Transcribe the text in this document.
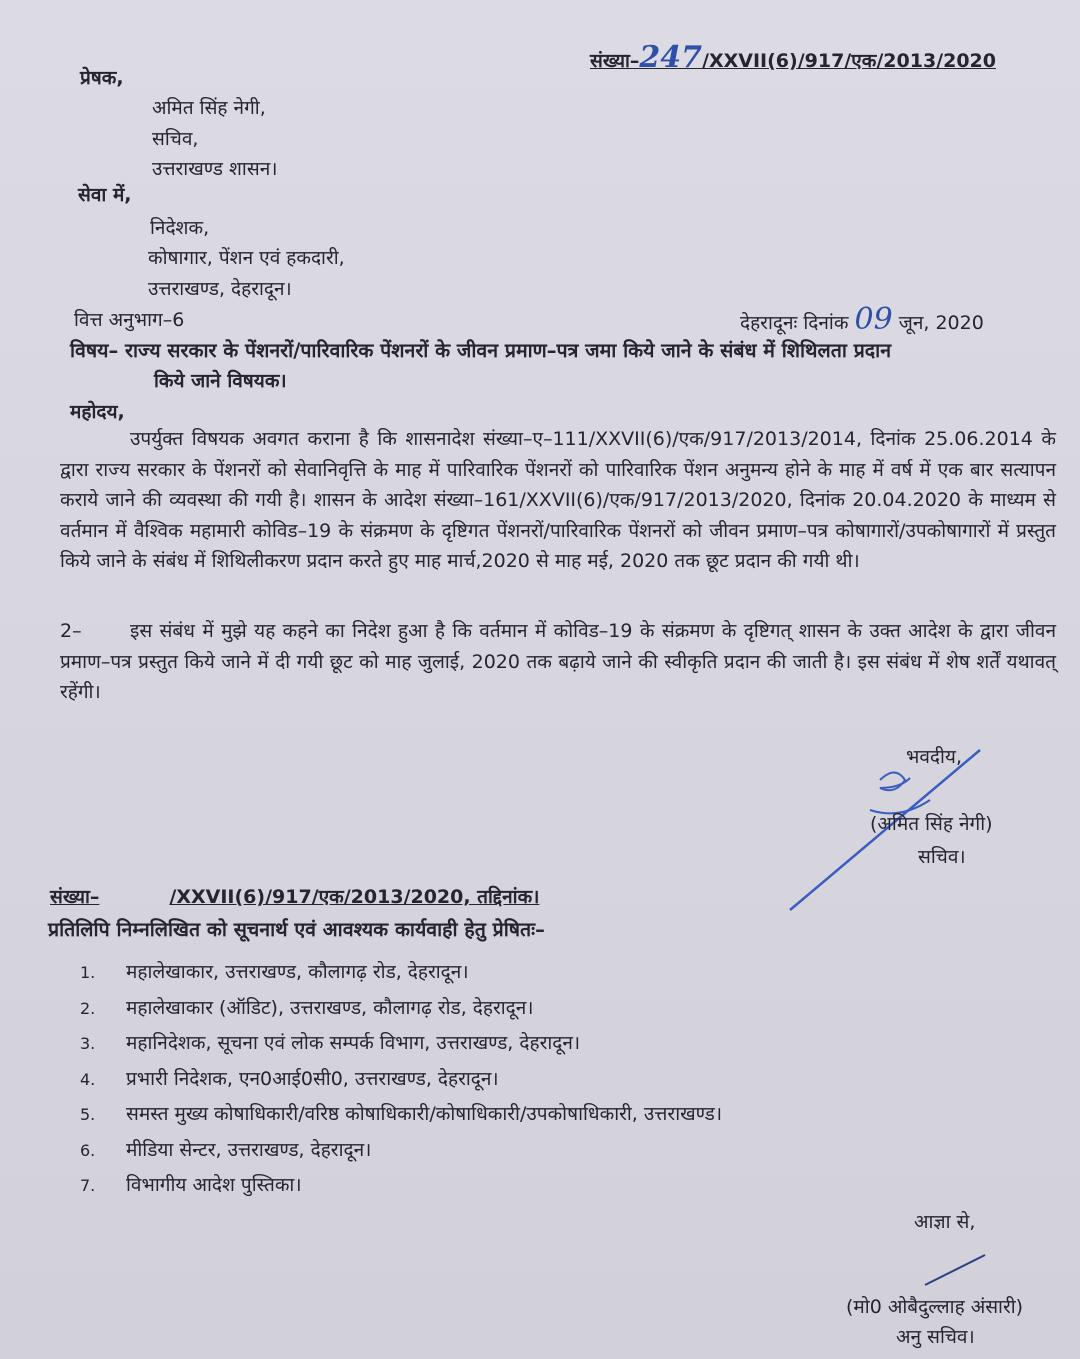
संख्या–247/XXVII(6)/917/एक/2013/2020
प्रेषक,
अमित सिंह नेगी,
सचिव,
उत्तराखण्ड शासन।
सेवा में,
निदेशक,
कोषागार, पेंशन एवं हकदारी,
उत्तराखण्ड, देहरादून।
वित्त अनुभाग–6	देहरादूनः दिनांक 09 जून, 2020
विषय– राज्य सरकार के पेंशनरों/पारिवारिक पेंशनरों के जीवन प्रमाण–पत्र जमा किये जाने के संबंध में शिथिलता प्रदान
किये जाने विषयक।
महोदय,
उपर्युक्त विषयक अवगत कराना है कि शासनादेश संख्या–ए–111/XXVII(6)/एक/917/2013/2014, दिनांक 25.06.2014 के द्वारा राज्य सरकार के पेंशनरों को सेवानिवृत्ति के माह में पारिवारिक पेंशनरों को पारिवारिक पेंशन अनुमन्य होने के माह में वर्ष में एक बार सत्यापन कराये जाने की व्यवस्था की गयी है। शासन के आदेश संख्या–161/XXVII(6)/एक/917/2013/2020, दिनांक 20.04.2020 के माध्यम से वर्तमान में वैश्विक महामारी कोविड–19 के संक्रमण के दृष्टिगत पेंशनरों/पारिवारिक पेंशनरों को जीवन प्रमाण–पत्र कोषागारों/उपकोषागारों में प्रस्तुत किये जाने के संबंध में शिथिलीकरण प्रदान करते हुए माह मार्च,2020 से माह मई, 2020 तक छूट प्रदान की गयी थी।
2–	इस संबंध में मुझे यह कहने का निदेश हुआ है कि वर्तमान में कोविड–19 के संक्रमण के दृष्टिगत् शासन के उक्त आदेश के द्वारा जीवन प्रमाण–पत्र प्रस्तुत किये जाने में दी गयी छूट को माह जुलाई, 2020 तक बढ़ाये जाने की स्वीकृति प्रदान की जाती है। इस संबंध में शेष शर्तें यथावत् रहेंगी।
भवदीय,
(अमित सिंह नेगी)
सचिव।
संख्या–	/XXVII(6)/917/एक/2013/2020, तद्दिनांक।
प्रतिलिपि निम्नलिखित को सूचनार्थ एवं आवश्यक कार्यवाही हेतु प्रेषितः–
1. महालेखाकार, उत्तराखण्ड, कौलागढ़ रोड, देहरादून।
2. महालेखाकार (ऑडिट), उत्तराखण्ड, कौलागढ़ रोड, देहरादून।
3. महानिदेशक, सूचना एवं लोक सम्पर्क विभाग, उत्तराखण्ड, देहरादून।
4. प्रभारी निदेशक, एन0आई0सी0, उत्तराखण्ड, देहरादून।
5. समस्त मुख्य कोषाधिकारी/वरिष्ठ कोषाधिकारी/कोषाधिकारी/उपकोषाधिकारी, उत्तराखण्ड।
6. मीडिया सेन्टर, उत्तराखण्ड, देहरादून।
7. विभागीय आदेश पुस्तिका।
आज्ञा से,
(मो0 ओबैदुल्लाह अंसारी)
अनु सचिव।
